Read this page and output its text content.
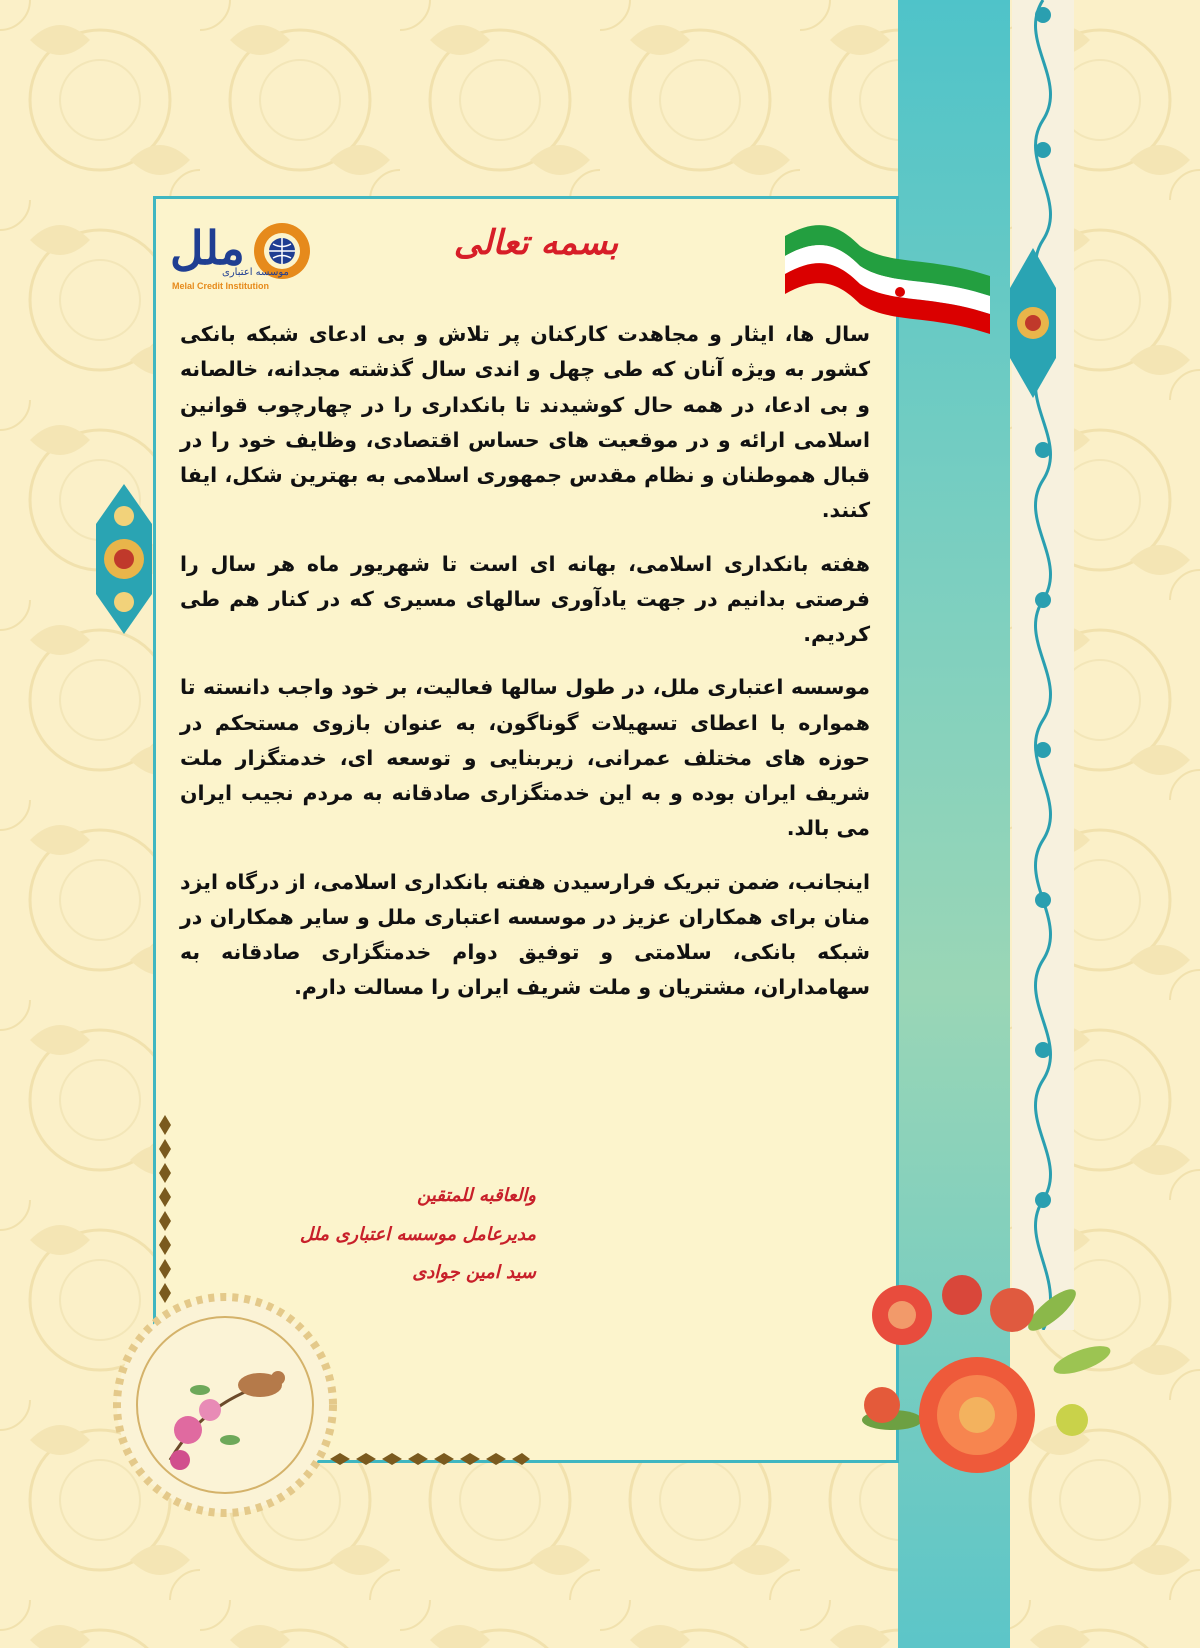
ملل
موسسه اعتباری
Melal Credit Institution
بسمه تعالی

سال ها، ایثار و مجاهدت کارکنان پر تلاش و بی ادعای شبکه بانکی کشور به ویژه آنان که طی چهل و اندی سال گذشته مجدانه، خالصانه و بی ادعا، در همه حال کوشیدند تا بانکداری را در چهارچوب قوانین اسلامی ارائه و در موقعیت های حساس اقتصادی، وظایف خود را در قبال هموطنان و نظام مقدس جمهوری اسلامی به بهترین شکل، ایفا کنند.

هفته بانکداری اسلامی، بهانه ای است تا شهریور ماه هر سال را فرصتی بدانیم در جهت یادآوری سالهای مسیری که در کنار هم طی کردیم.

موسسه اعتباری ملل، در طول سالها فعالیت، بر خود واجب دانسته تا همواره با اعطای تسهیلات گوناگون، به عنوان بازوی مستحکم در حوزه های مختلف عمرانی، زیربنایی و توسعه ای، خدمتگزار ملت شریف ایران بوده و به این خدمتگزاری صادقانه به مردم نجیب ایران می بالد.

اینجانب، ضمن تبریک فرارسیدن هفته بانکداری اسلامی، از درگاه ایزد منان برای همکاران عزیز در موسسه اعتباری ملل و سایر همکاران در شبکه بانکی، سلامتی و توفیق دوام خدمتگزاری صادقانه به سهامداران، مشتریان و ملت شریف ایران را مسالت دارم.

والعاقبه للمتقین
مدیرعامل موسسه اعتباری ملل
سید امین جوادی
